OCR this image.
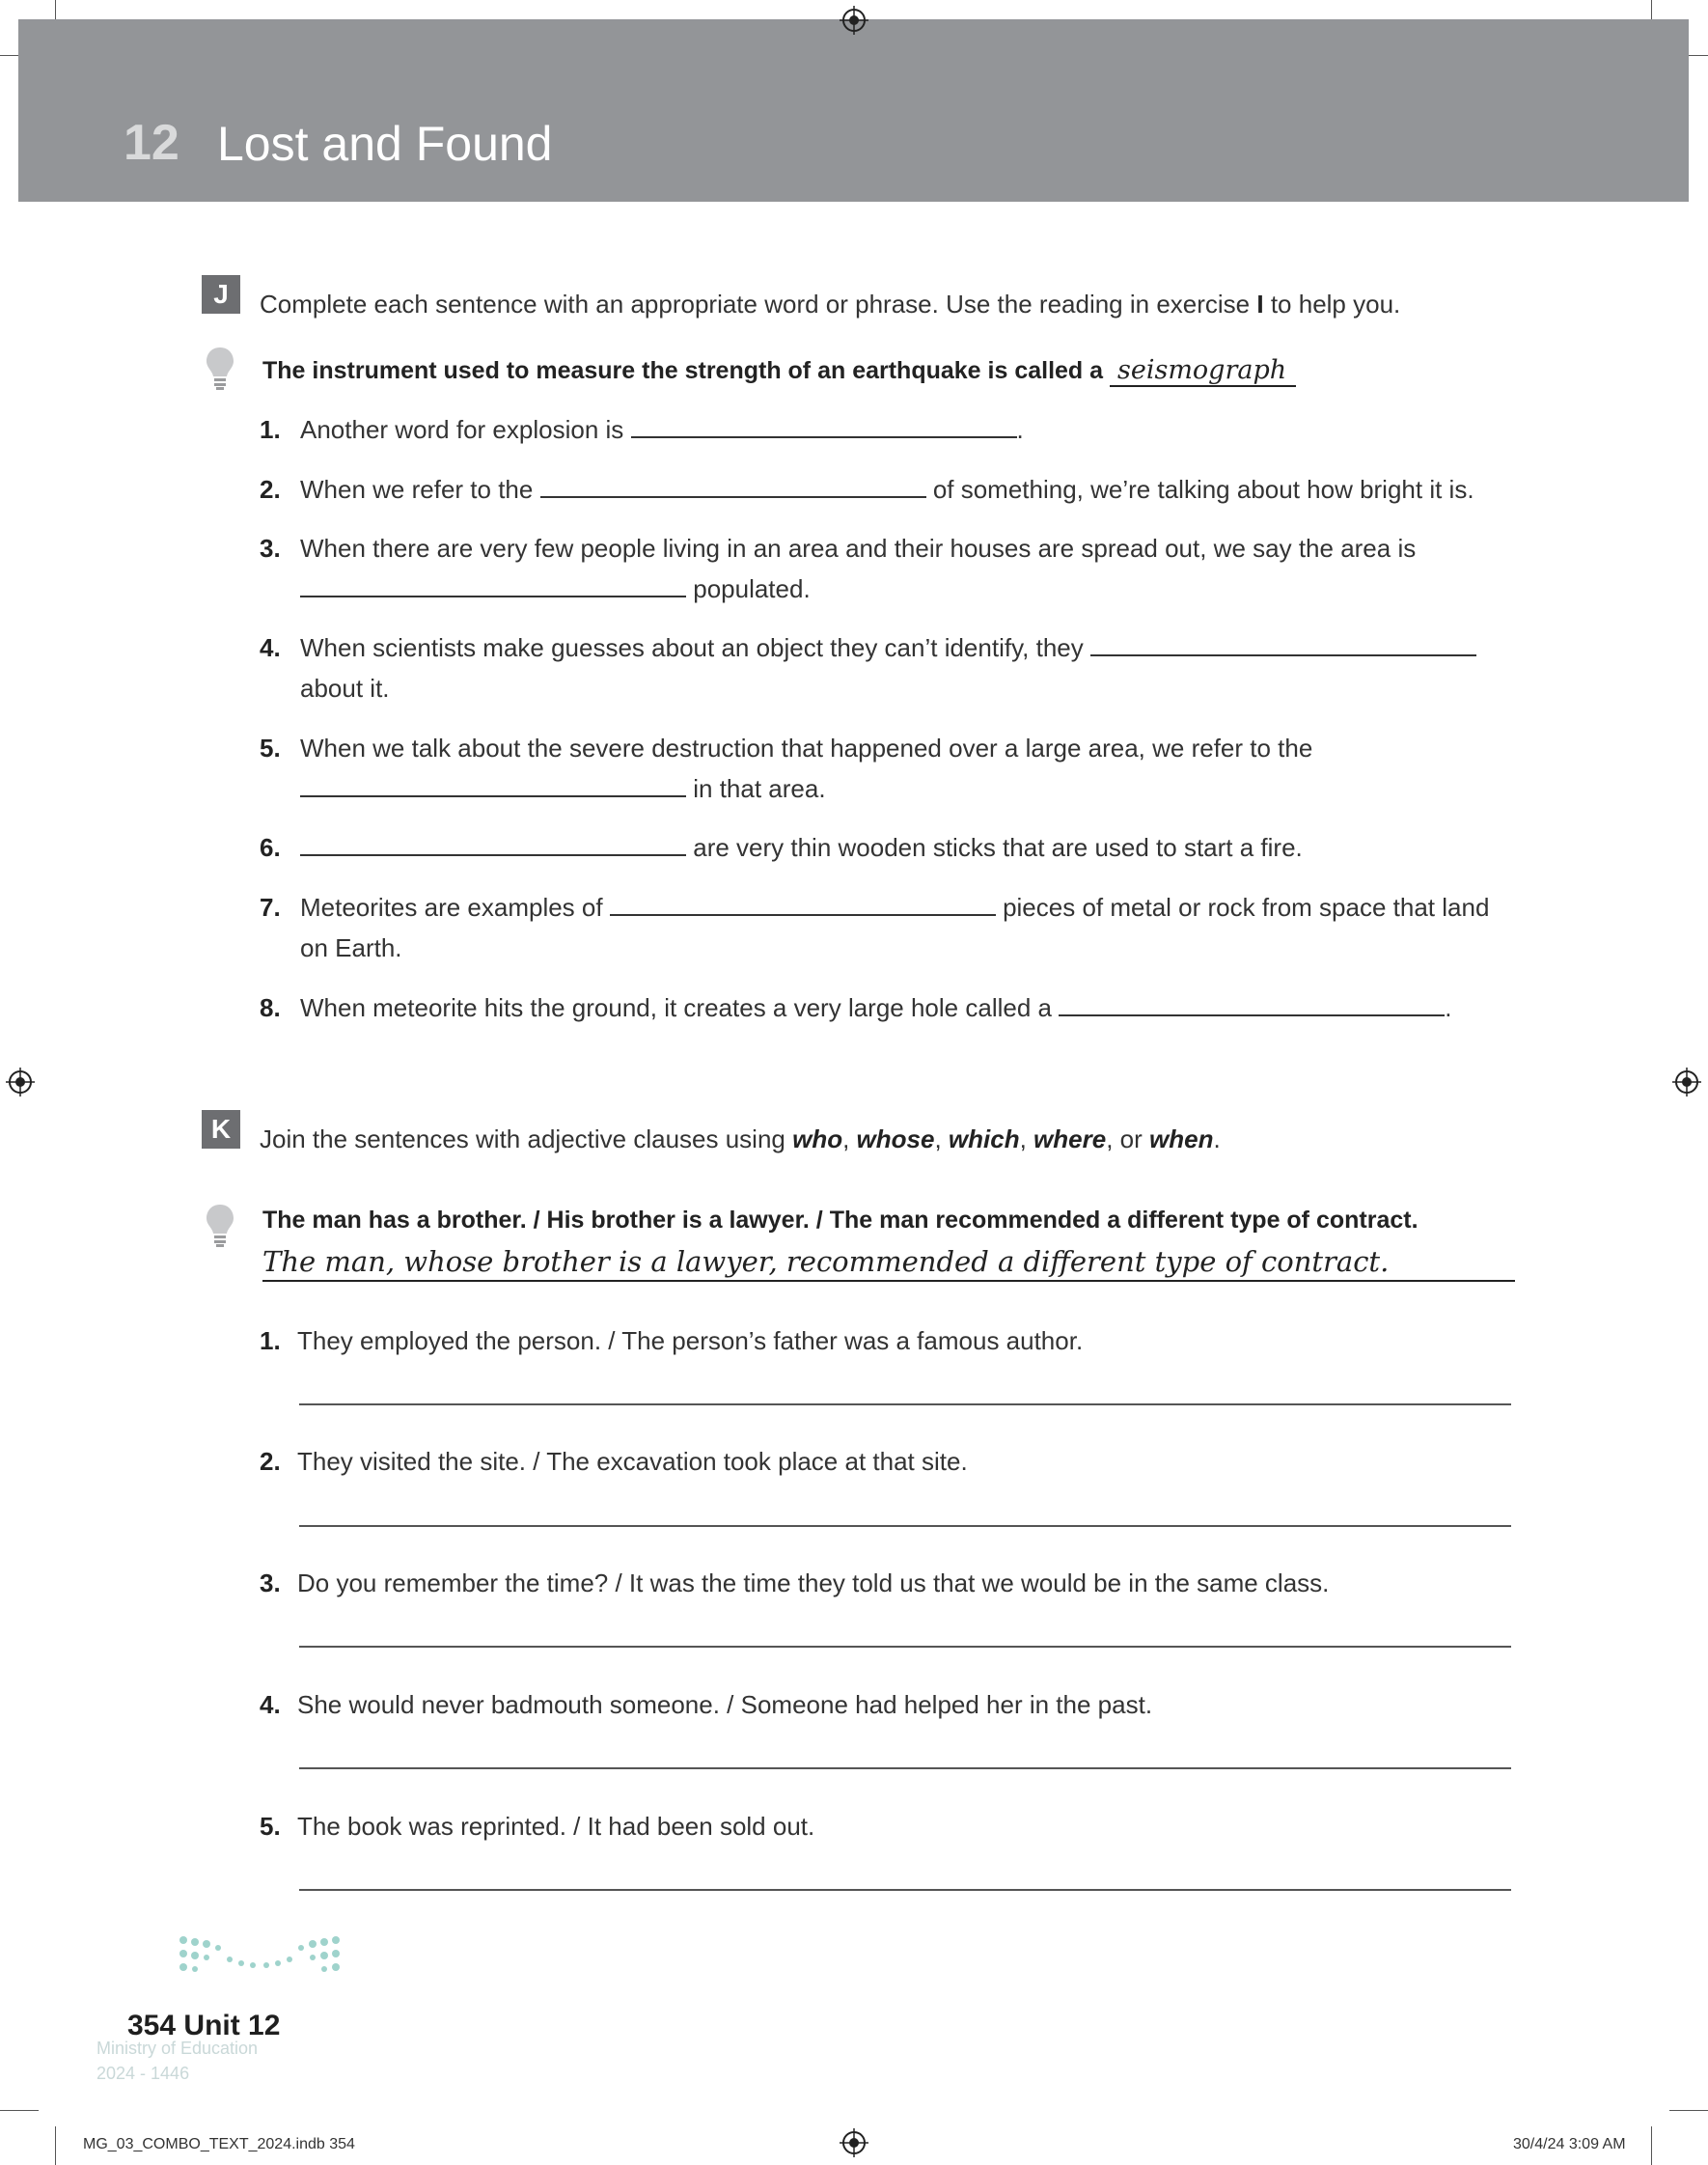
12 Lost and Found
J	Complete each sentence with an appropriate word or phrase. Use the reading in exercise I to help you.
The instrument used to measure the strength of an earthquake is called a seismograph
1. Another word for explosion is	.
2. When we refer to the	of something, we’re talking about how bright it is.
3. When there are very few people living in an area and their houses are spread out, we say the area is
populated.
4. When scientists make guesses about an object they can’t identify, they
about it.
5. When we talk about the severe destruction that happened over a large area, we refer to the
in that area.
6.	are very thin wooden sticks that are used to start a fire.
7. Meteorites are examples of	pieces of metal or rock from space that land
on Earth.
8. When meteorite hits the ground, it creates a very large hole called a	.
K	Join the sentences with adjective clauses using who, whose, which, where, or when.
The man has a brother. / His brother is a lawyer. / The man recommended a different type of contract.
The man, whose brother is a lawyer, recommended a different type of contract.
1. They employed the person. / The person’s father was a famous author.
2. They visited the site. / The excavation took place at that site.
3. Do you remember the time? / It was the time they told us that we would be in the same class.
4. She would never badmouth someone. / Someone had helped her in the past.
5. The book was reprinted. / It had been sold out.
Ministry of Education
2024 - 1446
354 Unit 12
MG_03_COMBO_TEXT_2024.indb 354	30/4/24 3:09 AM
